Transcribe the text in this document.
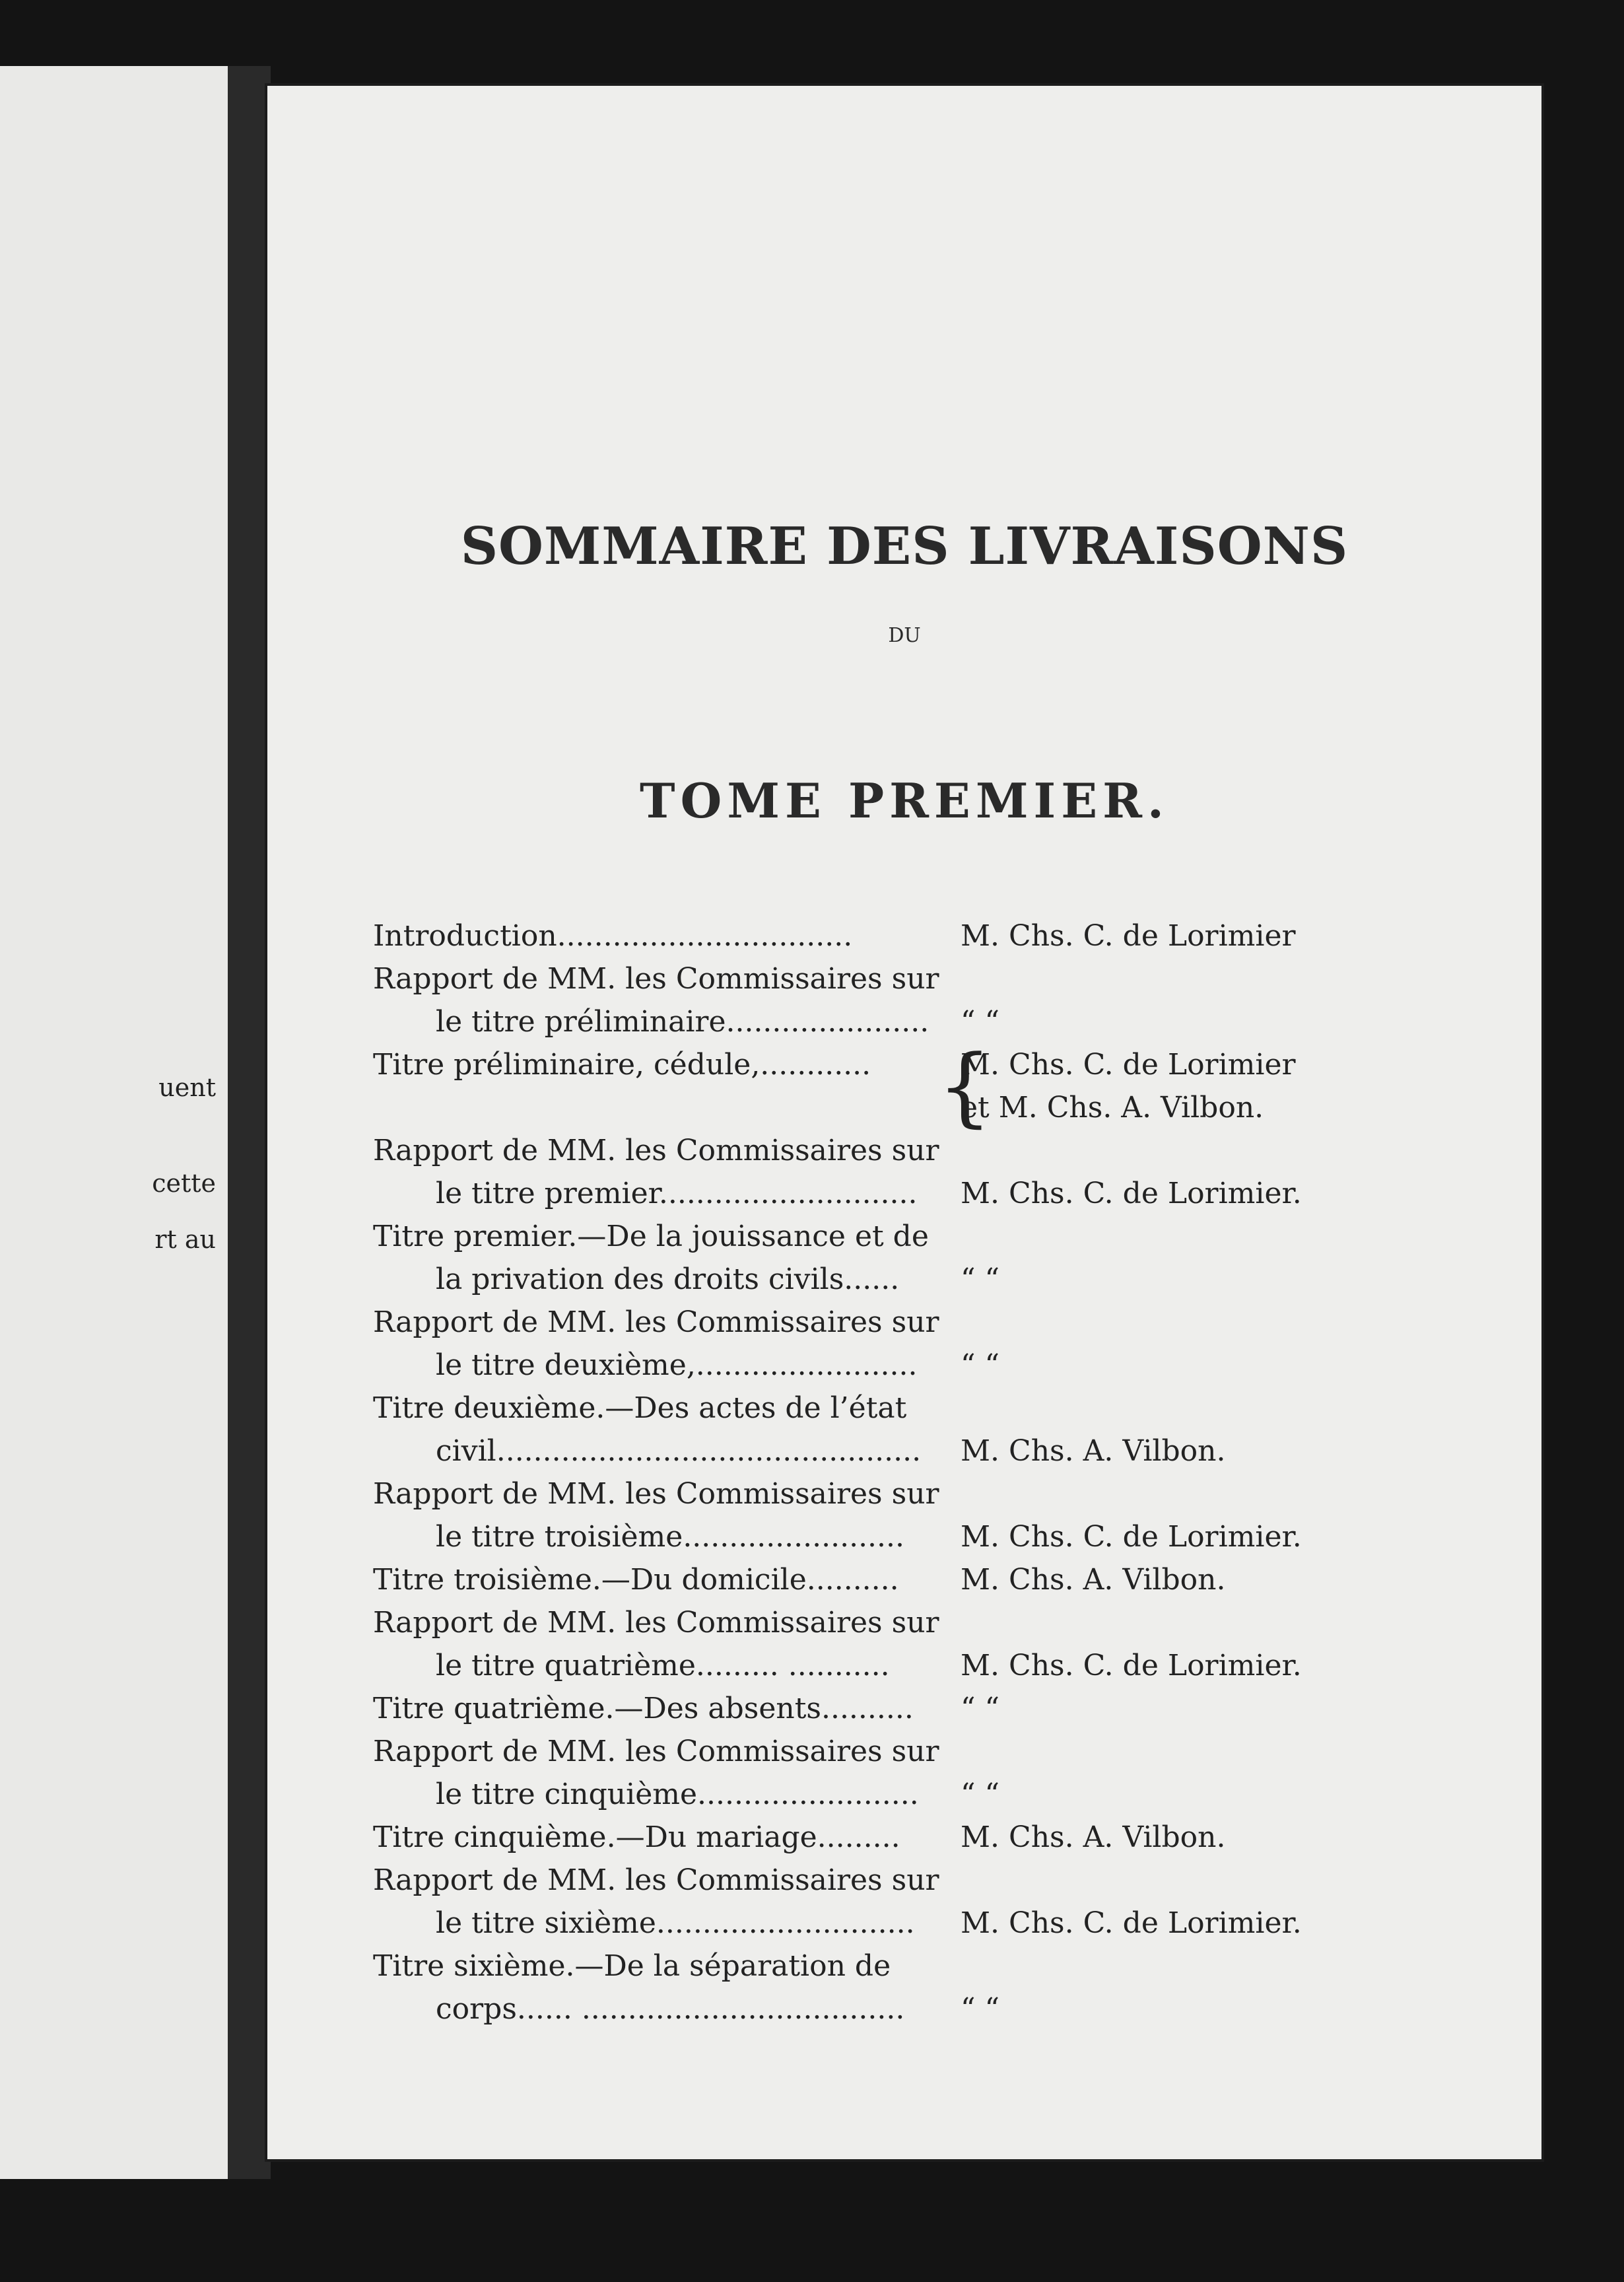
uent
cette
rt au
SOMMAIRE DES LIVRAISONS
DU
TOME PREMIER.
Introduction................................	M. Chs. C. de Lorimier
Rapport de MM. les Commissaires sur
le titre préliminaire...................... “ “
Titre préliminaire, cédule,............ {
M. Chs. C. de Lorimier
et M. Chs. A. Vilbon.
Rapport de MM. les Commissaires sur
le titre premier............................ M. Chs. C. de Lorimier.
Titre premier.—De la jouissance et de
la privation des droits civils...... “ “
Rapport de MM. les Commissaires sur
le titre deuxième,........................ “ “
Titre deuxième.—Des actes de l’état
civil.............................................. M. Chs. A. Vilbon.
Rapport de MM. les Commissaires sur
le titre troisième........................ M. Chs. C. de Lorimier.
Titre troisième.—Du domicile.......... M. Chs. A. Vilbon.
Rapport de MM. les Commissaires sur
le titre quatrième......... ........... M. Chs. C. de Lorimier.
Titre quatrième.—Des absents.......... “ “
Rapport de MM. les Commissaires sur
le titre cinquième........................ “ “
Titre cinquième.—Du mariage......... M. Chs. A. Vilbon.
Rapport de MM. les Commissaires sur
le titre sixième............................ M. Chs. C. de Lorimier.
Titre sixième.—De la séparation de
corps...... ................................... “ “
